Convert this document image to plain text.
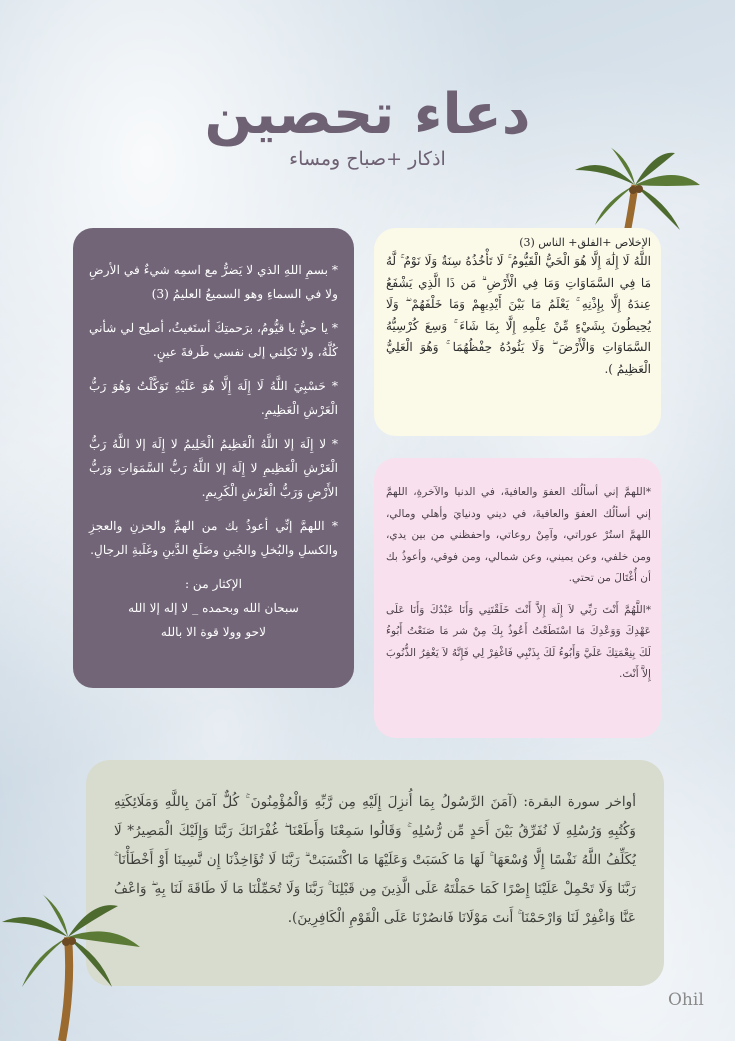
دعاء تحصين
اذكار +صباح ومساء

* بسمِ اللهِ الذي لا يَضرُّ مع اسمِه شيءٌ في الأرضِ ولا في السماءِ وهو السميعُ العليمُ (3)

* يا حيُّ يا قيُّومُ، برَحمتِكَ أستَغيثُ، أصلِح لي شأني كُلَّهُ، ولا تَكِلني إلى نفسي طَرفةَ عينٍ.

* حَسْبِيَ اللَّهُ لَا إِلَهَ إِلَّا هُوَ عَلَيْهِ تَوَكَّلْتُ وَهُوَ رَبُّ الْعَرْشِ الْعَظِيمِ.

* لا إِلَهَ إلا اللَّهُ الْعَظِيمُ الْحَلِيمُ لا إِلَهَ إلا اللَّهُ رَبُّ الْعَرْشِ الْعَظِيمِ لا إِلَهَ إلا اللَّهُ رَبُّ السَّمَوَاتِ وَرَبُّ الأَرْضِ وَرَبُّ الْعَرْشِ الْكَرِيمِ.

* اللهمَّ إنِّي أعوذُ بك من الهمِّ والحزنِ والعجزِ والكسلِ والبُخلِ والجُبنِ وضَلَعِ الدَّينِ وغَلَبةِ الرجالِ.

الإكثار من :

سبحان الله وبحمده _ لا إله إلا الله

لاحو وولا قوة الا بالله

الإخلاص +الفلق+ الناس (3)

اللَّهُ لَا إِلَٰهَ إِلَّا هُوَ الْحَيُّ الْقَيُّومُ ۚ لَا تَأْخُذُهُ سِنَةٌ وَلَا نَوْمٌ ۚ لَّهُ مَا فِي السَّمَاوَاتِ وَمَا فِي الْأَرْضِ ۗ مَن ذَا الَّذِي يَشْفَعُ عِندَهُ إِلَّا بِإِذْنِهِ ۚ يَعْلَمُ مَا بَيْنَ أَيْدِيهِمْ وَمَا خَلْفَهُمْ ۖ وَلَا يُحِيطُونَ بِشَيْءٍ مِّنْ عِلْمِهِ إِلَّا بِمَا شَاءَ ۚ وَسِعَ كُرْسِيُّهُ السَّمَاوَاتِ وَالْأَرْضَ ۖ وَلَا يَئُودُهُ حِفْظُهُمَا ۚ وَهُوَ الْعَلِيُّ الْعَظِيمُ ).

*اللهمَّ إني أسألُك العفوَ والعافيةَ، في الدنيا والآخرةِ، اللهمَّ إني أسألُك العفوَ والعافيةَ، في ديني ودنيايَ وأهلي ومالي، اللهمَّ استُرْ عوراتي، وآمِنْ روعاتي، واحفظني من بين يدي، ومن خلفي، وعن يميني، وعن شمالي، ومن فوقي، وأعوذُ بك أن أُغْتَالَ من تحتي.

*اللَّهُمَّ أَنْتَ رَبِّي لاَ إِلَهَ إِلاَّ أَنْتَ خَلَقْتَنِي وَأَنَا عَبْدُكَ وَأَنَا عَلَى عَهْدِكَ وَوَعْدِكَ مَا اسْتَطَعْتُ أَعُوذُ بِكَ مِنْ شر مَا صَنَعْتُ أَبُوءُ لَكَ بِنِعْمَتِكَ عَلَيَّ وَأَبُوءُ لَكَ بِذَنْبِي فَاغْفِرْ لِي فَإِنَّهُ لاَ يَغْفِرُ الذُّنُوبَ إِلاَّ أَنْتَ.

أواخر سورة البقرة: (آمَنَ الرَّسُولُ بِمَا أُنزِلَ إِلَيْهِ مِن رَّبِّهِ وَالْمُؤْمِنُونَ ۚ كُلٌّ آمَنَ بِاللَّهِ وَمَلَائِكَتِهِ وَكُتُبِهِ وَرُسُلِهِ لَا نُفَرِّقُ بَيْنَ أَحَدٍ مِّن رُّسُلِهِ ۚ وَقَالُوا سَمِعْنَا وَأَطَعْنَا ۖ غُفْرَانَكَ رَبَّنَا وَإِلَيْكَ الْمَصِيرُ* لَا يُكَلِّفُ اللَّهُ نَفْسًا إِلَّا وُسْعَهَا ۚ لَهَا مَا كَسَبَتْ وَعَلَيْهَا مَا اكْتَسَبَتْ ۗ رَبَّنَا لَا تُؤَاخِذْنَا إِن نَّسِينَا أَوْ أَخْطَأْنَا ۚ رَبَّنَا وَلَا تَحْمِلْ عَلَيْنَا إِصْرًا كَمَا حَمَلْتَهُ عَلَى الَّذِينَ مِن قَبْلِنَا ۚ رَبَّنَا وَلَا تُحَمِّلْنَا مَا لَا طَاقَةَ لَنَا بِهِ ۖ وَاعْفُ عَنَّا وَاغْفِرْ لَنَا وَارْحَمْنَا ۚ أَنتَ مَوْلَانَا فَانصُرْنَا عَلَى الْقَوْمِ الْكَافِرِينَ).

Ohil
